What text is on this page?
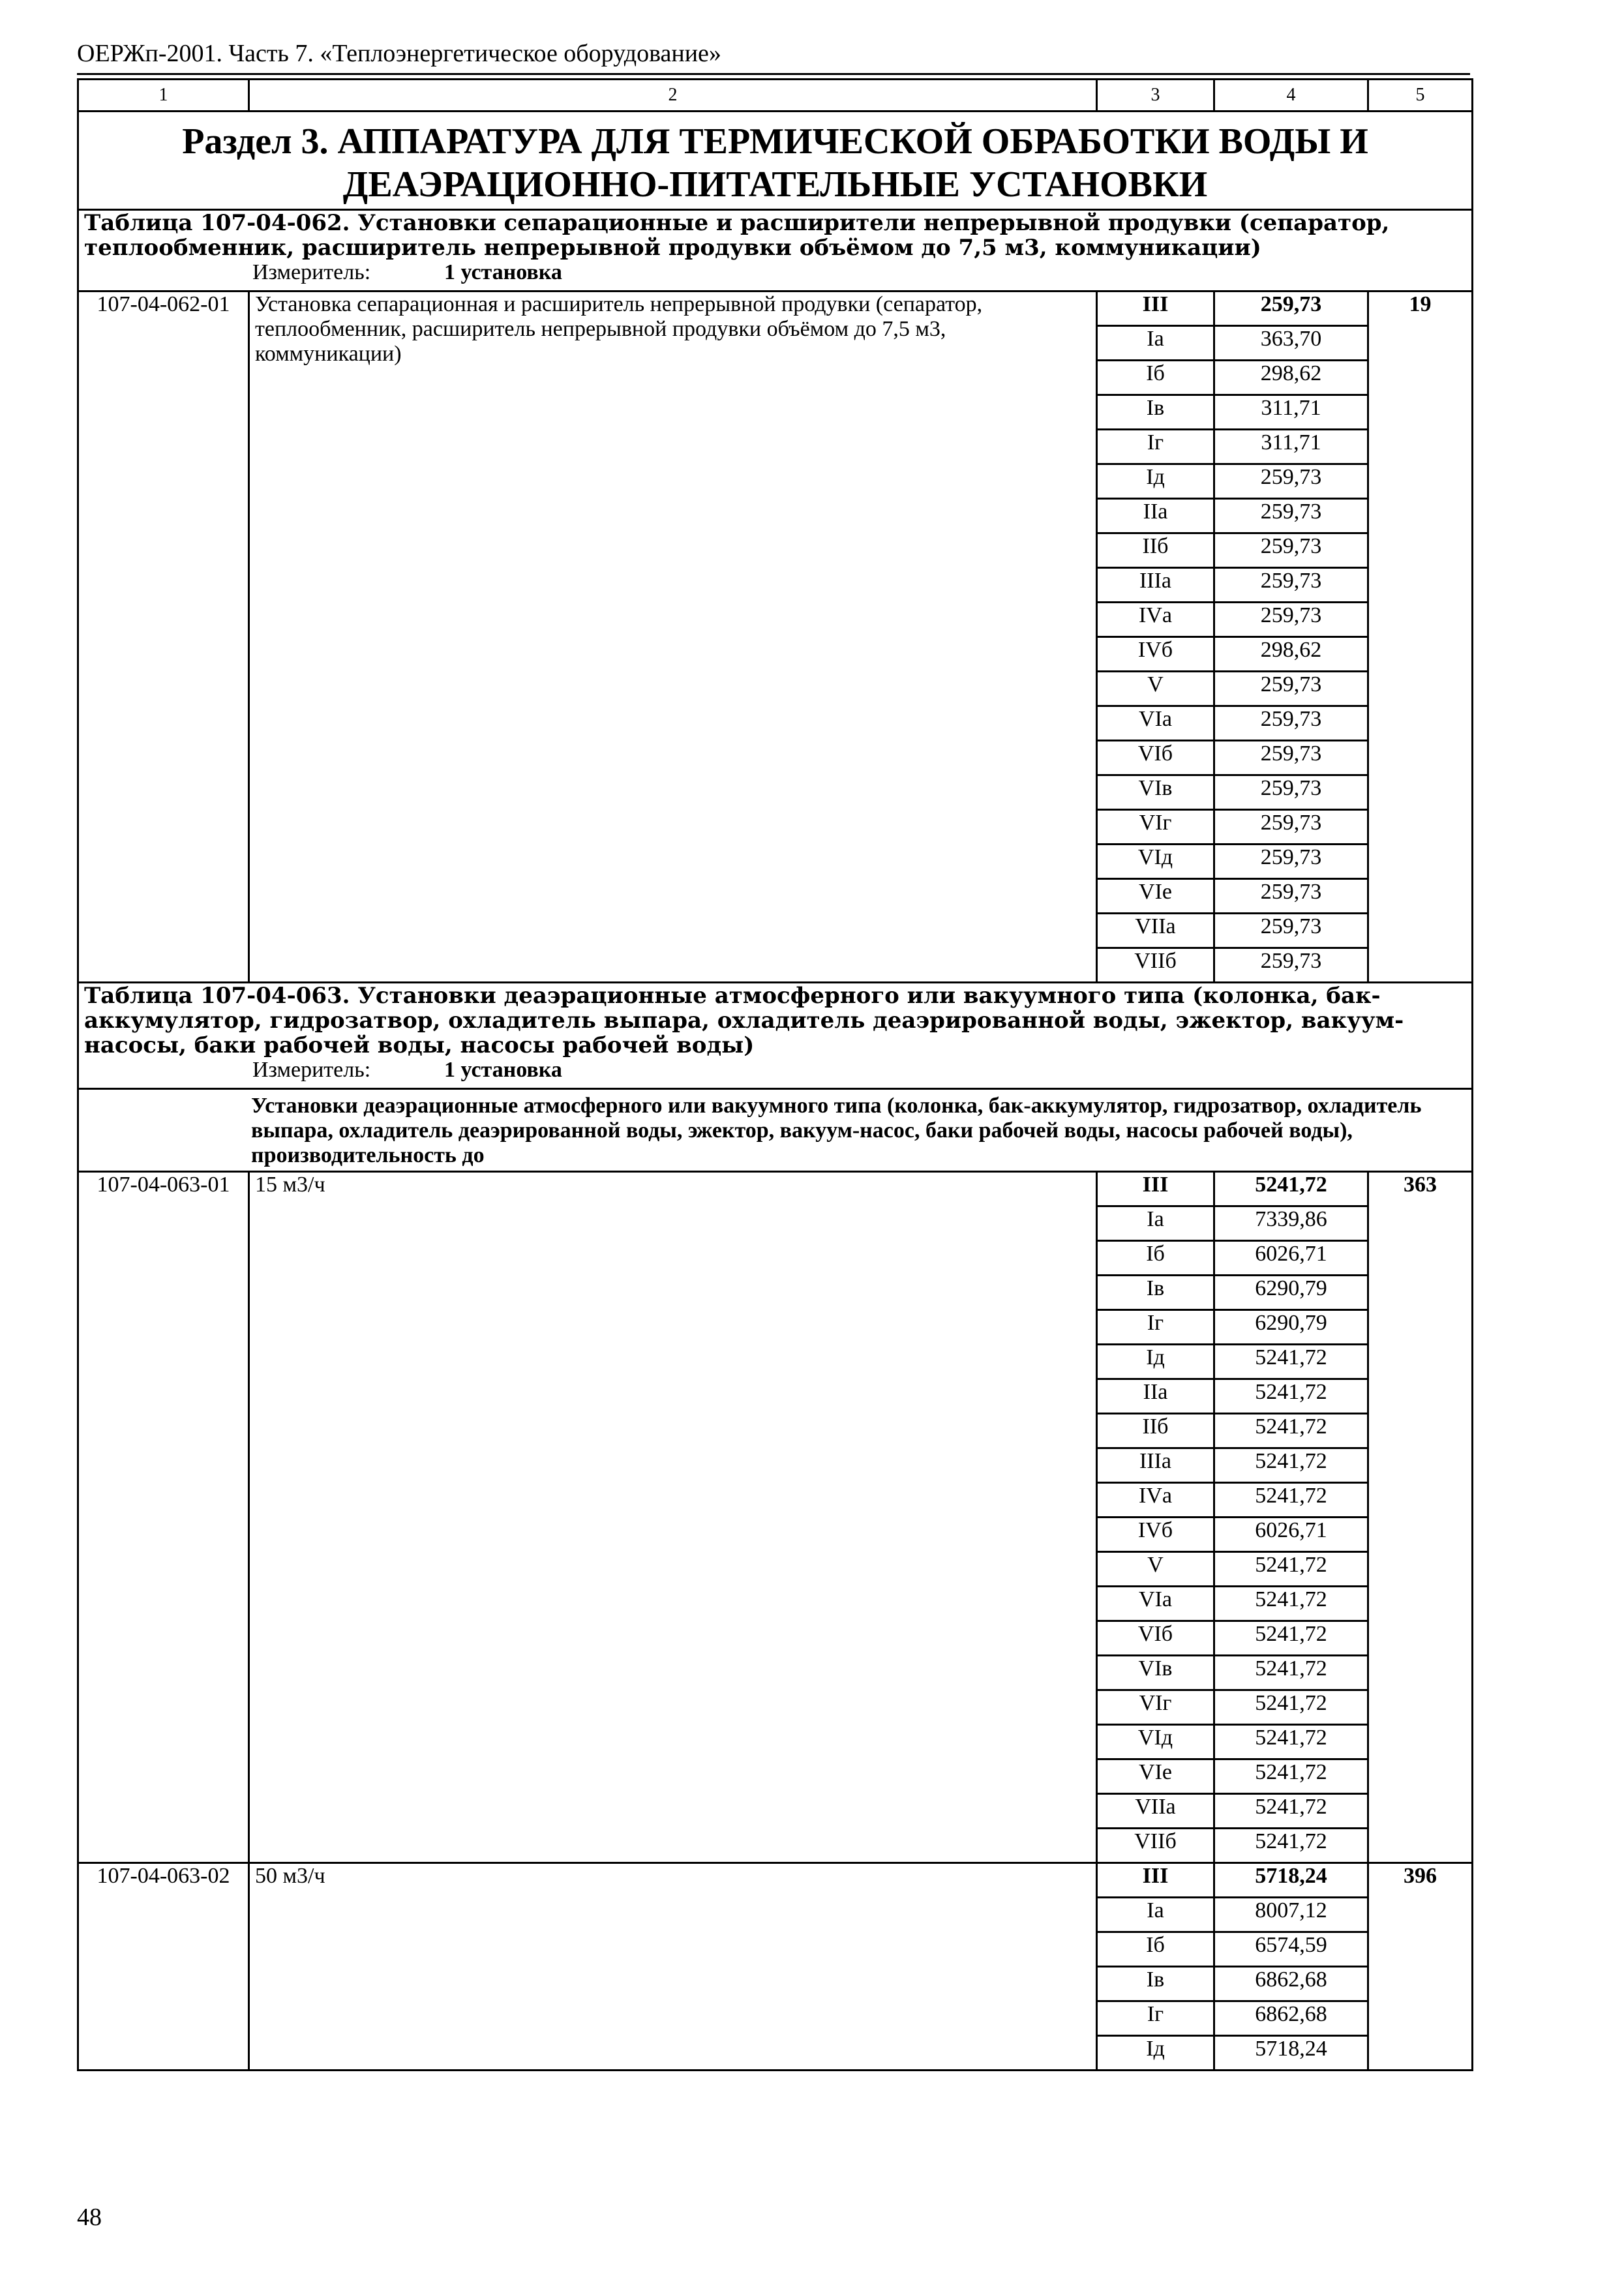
ОЕРЖп-2001. Часть 7. «Теплоэнергетическое оборудование»
1	2	3	4	5
Раздел 3. АППАРАТУРА ДЛЯ ТЕРМИЧЕСКОЙ ОБРАБОТКИ ВОДЫ И ДЕАЭРАЦИОННО-ПИТАТЕЛЬНЫЕ УСТАНОВКИ				
Таблица 107-04-062. Установки сепарационные и расширители непрерывной продувки (сепаратор, теплообменник, расширитель непрерывной продувки объёмом до 7,5 м3, коммуникации)				
Измеритель: 1 установка				
107-04-062-01	Установка сепарационная и расширитель непрерывной продувки (сепаратор, теплообменник, расширитель непрерывной продувки объёмом до 7,5 м3, коммуникации)	III	259,73	19
		Iа	363,70	
		Iб	298,62	
		Iв	311,71	
		Iг	311,71	
		Iд	259,73	
		IIа	259,73	
		IIб	259,73	
		IIIа	259,73	
		IVа	259,73	
		IVб	298,62	
		V	259,73	
		VIа	259,73	
		VIб	259,73	
		VIв	259,73	
		VIг	259,73	
		VIд	259,73	
		VIе	259,73	
		VIIа	259,73	
		VIIб	259,73	
Таблица 107-04-063. Установки деаэрационные атмосферного или вакуумного типа (колонка, бак-аккумулятор, гидрозатвор, охладитель выпара, охладитель деаэрированной воды, эжектор, вакуум-насосы, баки рабочей воды, насосы рабочей воды)				
Измеритель: 1 установка				
Установки деаэрационные атмосферного или вакуумного типа (колонка, бак-аккумулятор, гидрозатвор, охладитель выпара, охладитель деаэрированной воды, эжектор, вакуум-насос, баки рабочей воды, насосы рабочей воды), производительность до				
107-04-063-01	15 м3/ч	III	5241,72	363
		Iа	7339,86	
		Iб	6026,71	
		Iв	6290,79	
		Iг	6290,79	
		Iд	5241,72	
		IIа	5241,72	
		IIб	5241,72	
		IIIа	5241,72	
		IVа	5241,72	
		IVб	6026,71	
		V	5241,72	
		VIа	5241,72	
		VIб	5241,72	
		VIв	5241,72	
		VIг	5241,72	
		VIд	5241,72	
		VIе	5241,72	
		VIIа	5241,72	
		VIIб	5241,72	
107-04-063-02	50 м3/ч	III	5718,24	396
		Iа	8007,12	
		Iб	6574,59	
		Iв	6862,68	
		Iг	6862,68	
		Iд	5718,24	
48
